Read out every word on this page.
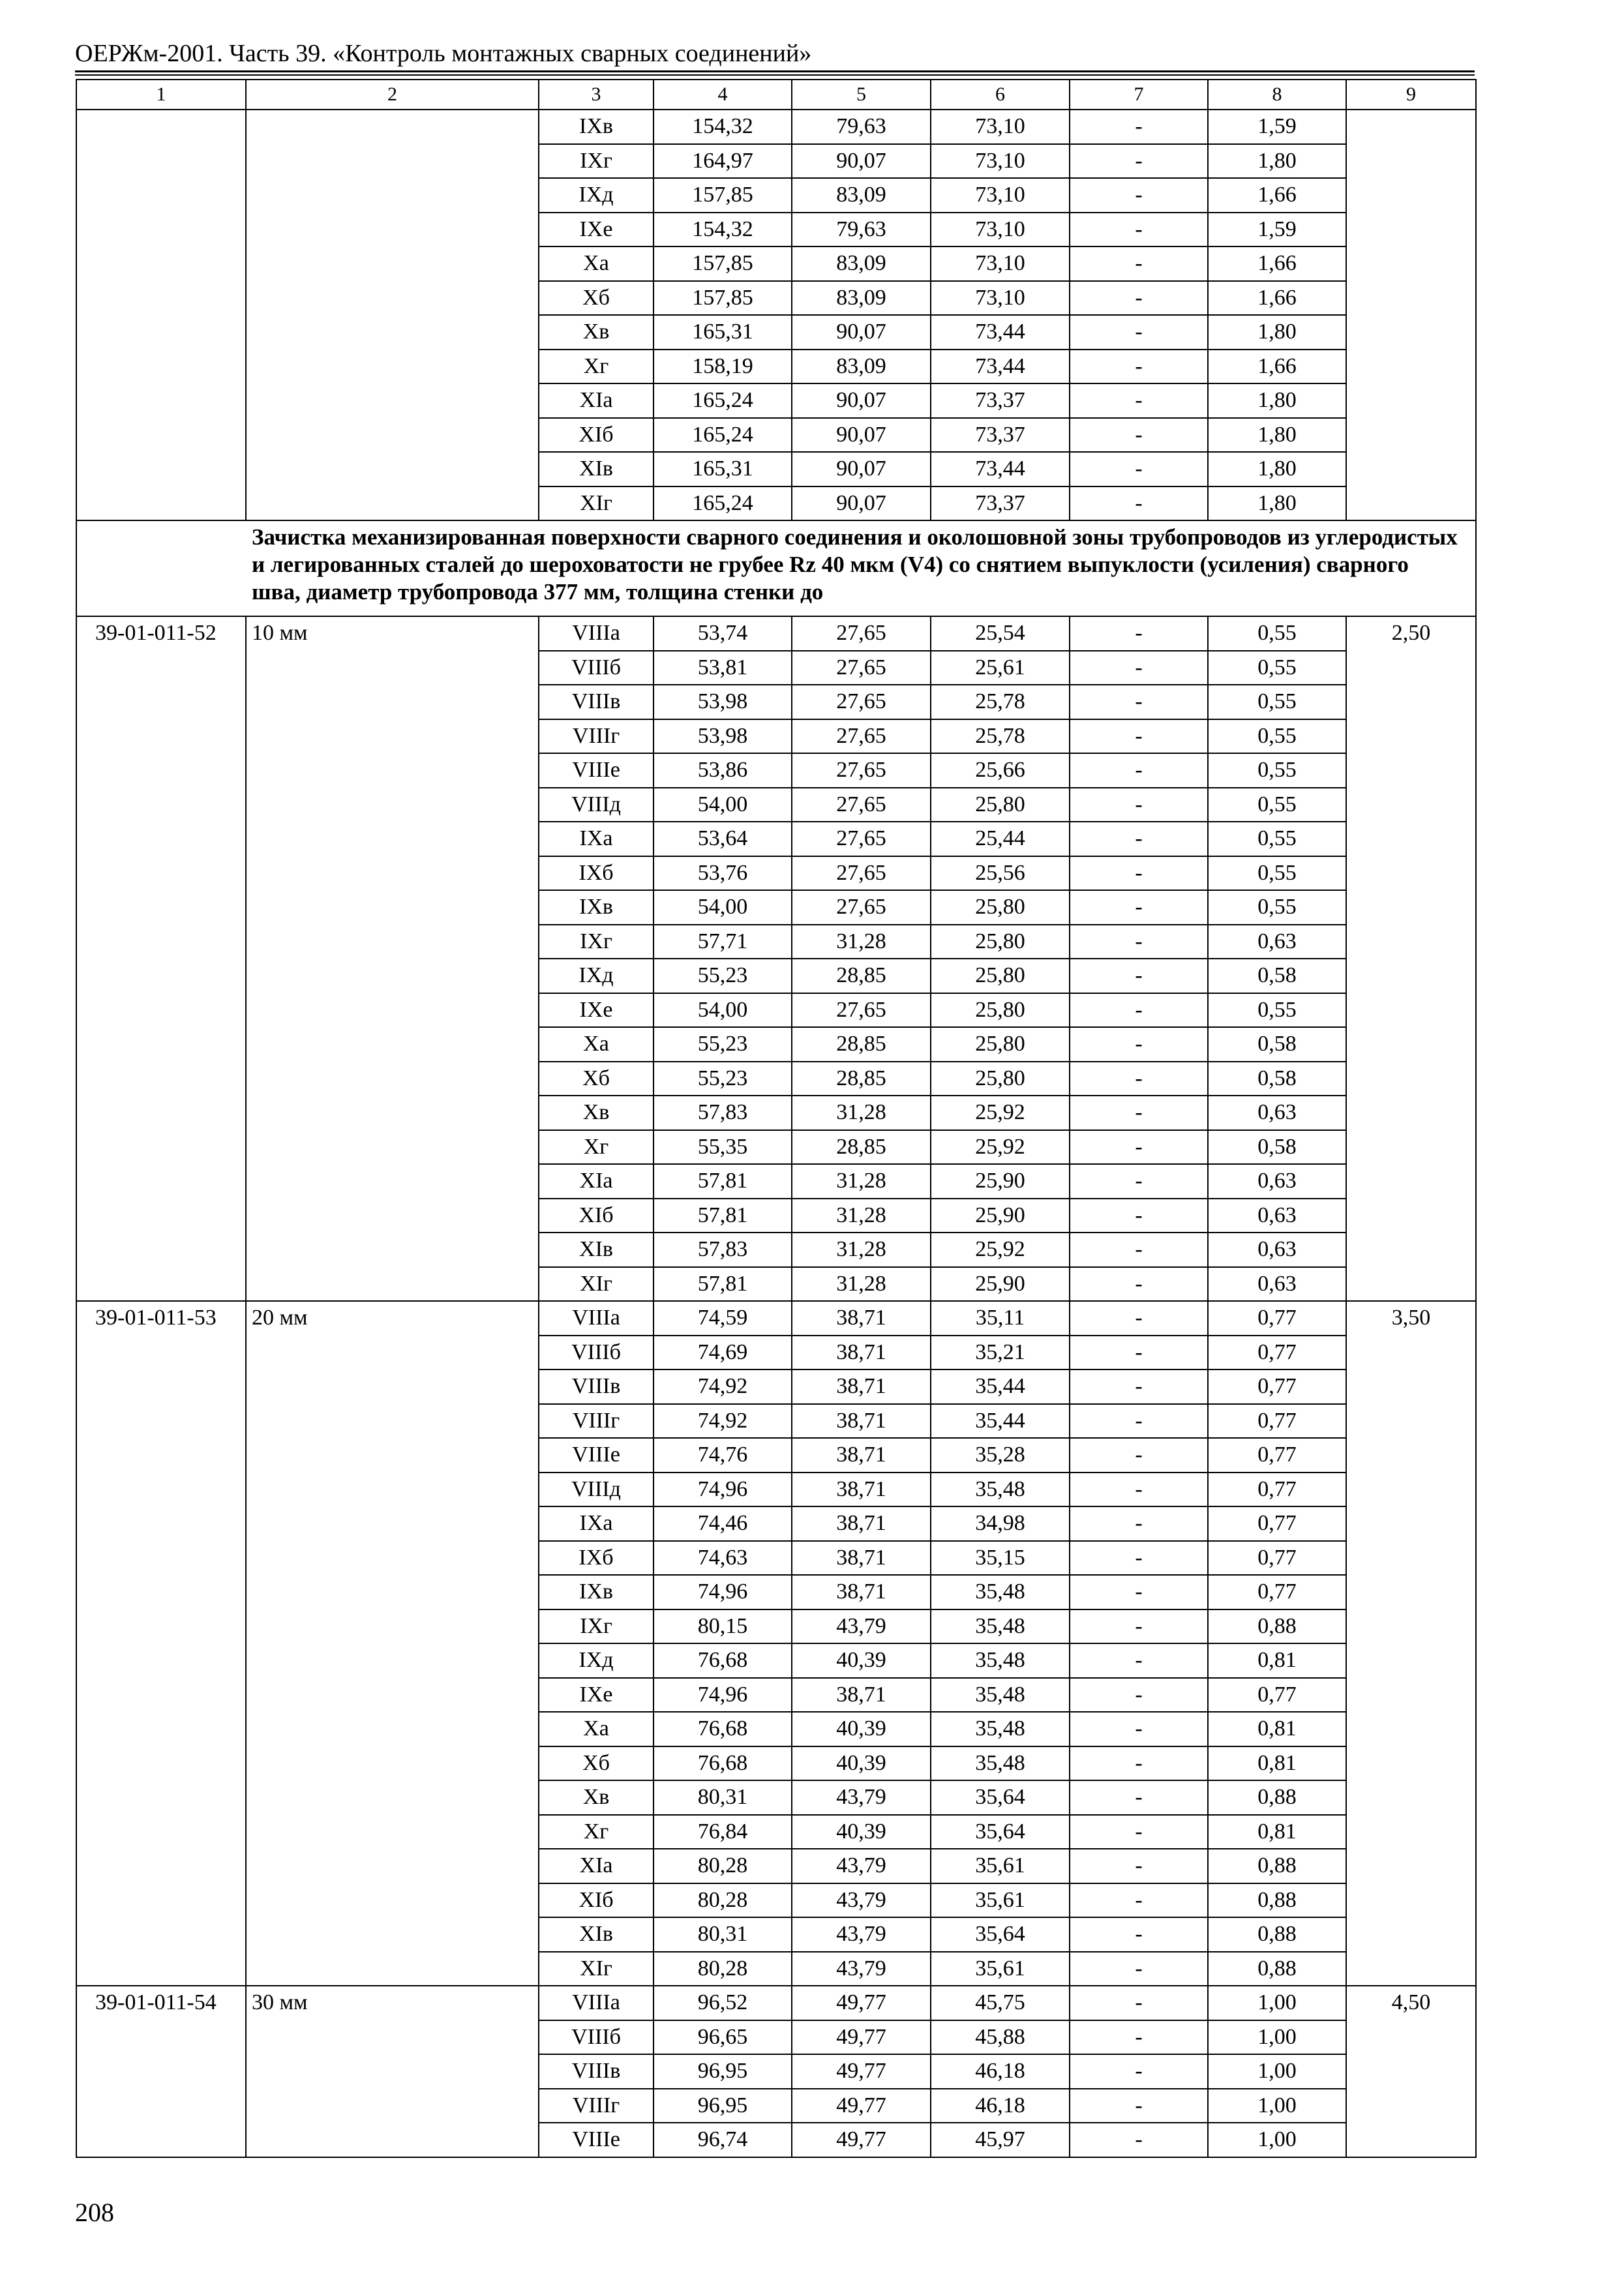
ОЕРЖм-2001. Часть 39. «Контроль монтажных сварных соединений»
1	2	3	4	5	6	7	8	9
		IXв	154,32	79,63	73,10	-	1,59	
		IXг	164,97	90,07	73,10	-	1,80	
		IXд	157,85	83,09	73,10	-	1,66	
		IXе	154,32	79,63	73,10	-	1,59	
		Xа	157,85	83,09	73,10	-	1,66	
		Xб	157,85	83,09	73,10	-	1,66	
		Xв	165,31	90,07	73,44	-	1,80	
		Xг	158,19	83,09	73,44	-	1,66	
		XIа	165,24	90,07	73,37	-	1,80	
		XIб	165,24	90,07	73,37	-	1,80	
		XIв	165,31	90,07	73,44	-	1,80	
		XIг	165,24	90,07	73,37	-	1,80	
Зачистка механизированная поверхности сварного соединения и околошовной зоны трубопроводов из углеродистых и легированных сталей до шероховатости не грубее Rz 40 мкм (V4) со снятием выпуклости (усиления) сварного шва, диаметр трубопровода 377 мм, толщина стенки до								
39-01-011-52	10 мм	VIIIа	53,74	27,65	25,54	-	0,55	2,50
		VIIIб	53,81	27,65	25,61	-	0,55	
		VIIIв	53,98	27,65	25,78	-	0,55	
		VIIIг	53,98	27,65	25,78	-	0,55	
		VIIIе	53,86	27,65	25,66	-	0,55	
		VIIIд	54,00	27,65	25,80	-	0,55	
		IXа	53,64	27,65	25,44	-	0,55	
		IXб	53,76	27,65	25,56	-	0,55	
		IXв	54,00	27,65	25,80	-	0,55	
		IXг	57,71	31,28	25,80	-	0,63	
		IXд	55,23	28,85	25,80	-	0,58	
		IXе	54,00	27,65	25,80	-	0,55	
		Xа	55,23	28,85	25,80	-	0,58	
		Xб	55,23	28,85	25,80	-	0,58	
		Xв	57,83	31,28	25,92	-	0,63	
		Xг	55,35	28,85	25,92	-	0,58	
		XIа	57,81	31,28	25,90	-	0,63	
		XIб	57,81	31,28	25,90	-	0,63	
		XIв	57,83	31,28	25,92	-	0,63	
		XIг	57,81	31,28	25,90	-	0,63	
39-01-011-53	20 мм	VIIIа	74,59	38,71	35,11	-	0,77	3,50
		VIIIб	74,69	38,71	35,21	-	0,77	
		VIIIв	74,92	38,71	35,44	-	0,77	
		VIIIг	74,92	38,71	35,44	-	0,77	
		VIIIе	74,76	38,71	35,28	-	0,77	
		VIIIд	74,96	38,71	35,48	-	0,77	
		IXа	74,46	38,71	34,98	-	0,77	
		IXб	74,63	38,71	35,15	-	0,77	
		IXв	74,96	38,71	35,48	-	0,77	
		IXг	80,15	43,79	35,48	-	0,88	
		IXд	76,68	40,39	35,48	-	0,81	
		IXе	74,96	38,71	35,48	-	0,77	
		Xа	76,68	40,39	35,48	-	0,81	
		Xб	76,68	40,39	35,48	-	0,81	
		Xв	80,31	43,79	35,64	-	0,88	
		Xг	76,84	40,39	35,64	-	0,81	
		XIа	80,28	43,79	35,61	-	0,88	
		XIб	80,28	43,79	35,61	-	0,88	
		XIв	80,31	43,79	35,64	-	0,88	
		XIг	80,28	43,79	35,61	-	0,88	
39-01-011-54	30 мм	VIIIа	96,52	49,77	45,75	-	1,00	4,50
		VIIIб	96,65	49,77	45,88	-	1,00	
		VIIIв	96,95	49,77	46,18	-	1,00	
		VIIIг	96,95	49,77	46,18	-	1,00	
		VIIIе	96,74	49,77	45,97	-	1,00	
208
